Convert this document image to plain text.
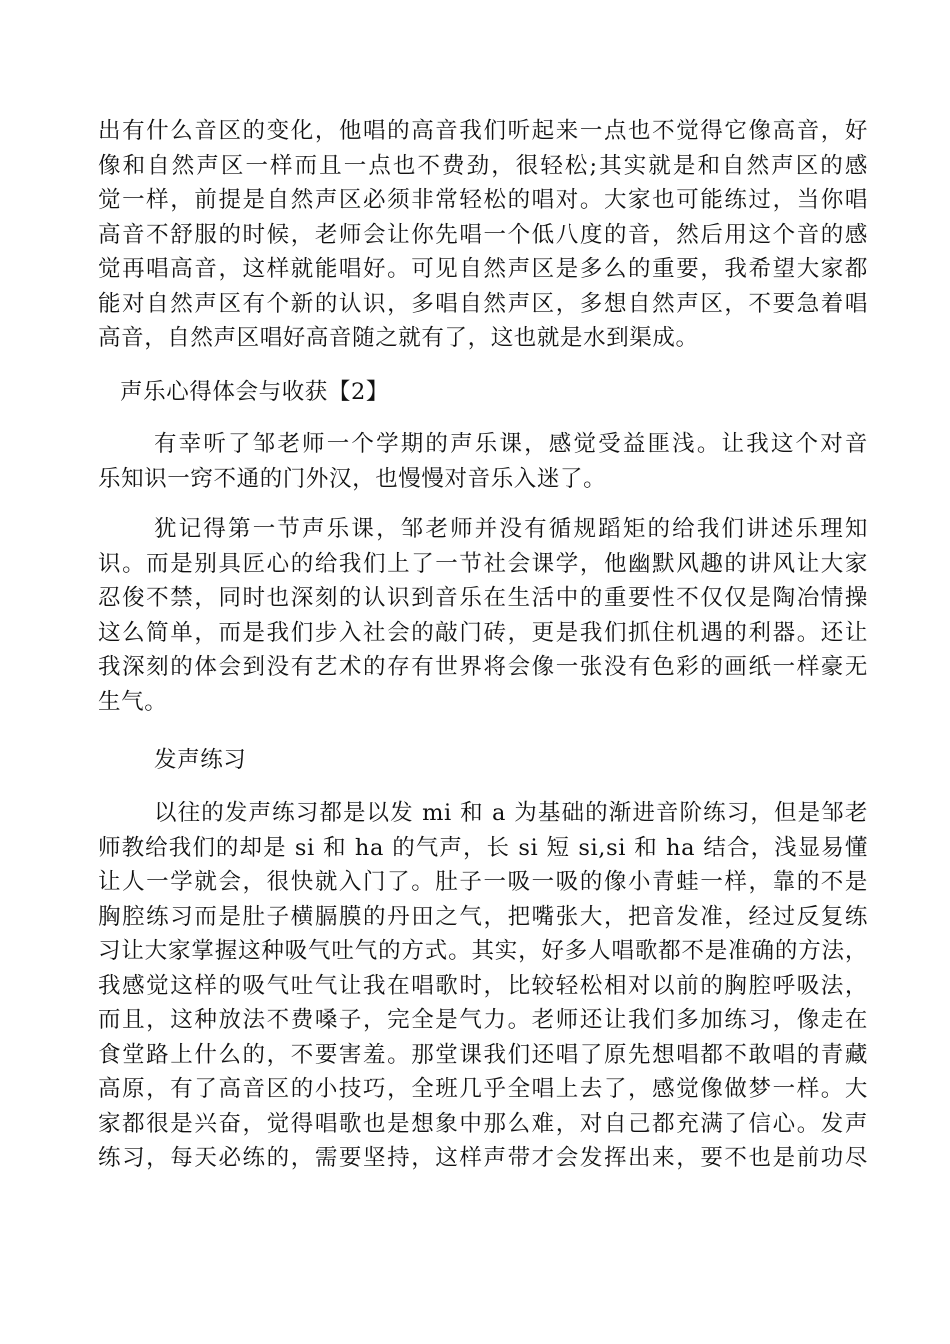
出有什么音区的变化，他唱的高音我们听起来一点也不觉得它像高音，好
像和自然声区一样而且一点也不费劲，很轻松;其实就是和自然声区的感
觉一样，前提是自然声区必须非常轻松的唱对。大家也可能练过，当你唱
高音不舒服的时候，老师会让你先唱一个低八度的音，然后用这个音的感
觉再唱高音，这样就能唱好。可见自然声区是多么的重要，我希望大家都
能对自然声区有个新的认识，多唱自然声区，多想自然声区，不要急着唱
高音，自然声区唱好高音随之就有了，这也就是水到渠成。
声乐心得体会与收获【2】
有幸听了邹老师一个学期的声乐课，感觉受益匪浅。让我这个对音
乐知识一窍不通的门外汉，也慢慢对音乐入迷了。
犹记得第一节声乐课，邹老师并没有循规蹈矩的给我们讲述乐理知
识。而是别具匠心的给我们上了一节社会课学，他幽默风趣的讲风让大家
忍俊不禁，同时也深刻的认识到音乐在生活中的重要性不仅仅是陶冶情操
这么简单，而是我们步入社会的敲门砖，更是我们抓住机遇的利器。还让
我深刻的体会到没有艺术的存有世界将会像一张没有色彩的画纸一样豪无
生气。
发声练习
以往的发声练习都是以发 mi 和 a 为基础的渐进音阶练习，但是邹老
师教给我们的却是 si 和 ha 的气声，长 si 短 si,si 和 ha 结合，浅显易懂
让人一学就会，很快就入门了。肚子一吸一吸的像小青蛙一样，靠的不是
胸腔练习而是肚子横膈膜的丹田之气，把嘴张大，把音发准，经过反复练
习让大家掌握这种吸气吐气的方式。其实，好多人唱歌都不是准确的方法，
我感觉这样的吸气吐气让我在唱歌时，比较轻松相对以前的胸腔呼吸法，
而且，这种放法不费嗓子，完全是气力。老师还让我们多加练习，像走在
食堂路上什么的，不要害羞。那堂课我们还唱了原先想唱都不敢唱的青藏
高原，有了高音区的小技巧，全班几乎全唱上去了，感觉像做梦一样。大
家都很是兴奋，觉得唱歌也是想象中那么难，对自己都充满了信心。发声
练习，每天必练的，需要坚持，这样声带才会发挥出来，要不也是前功尽
